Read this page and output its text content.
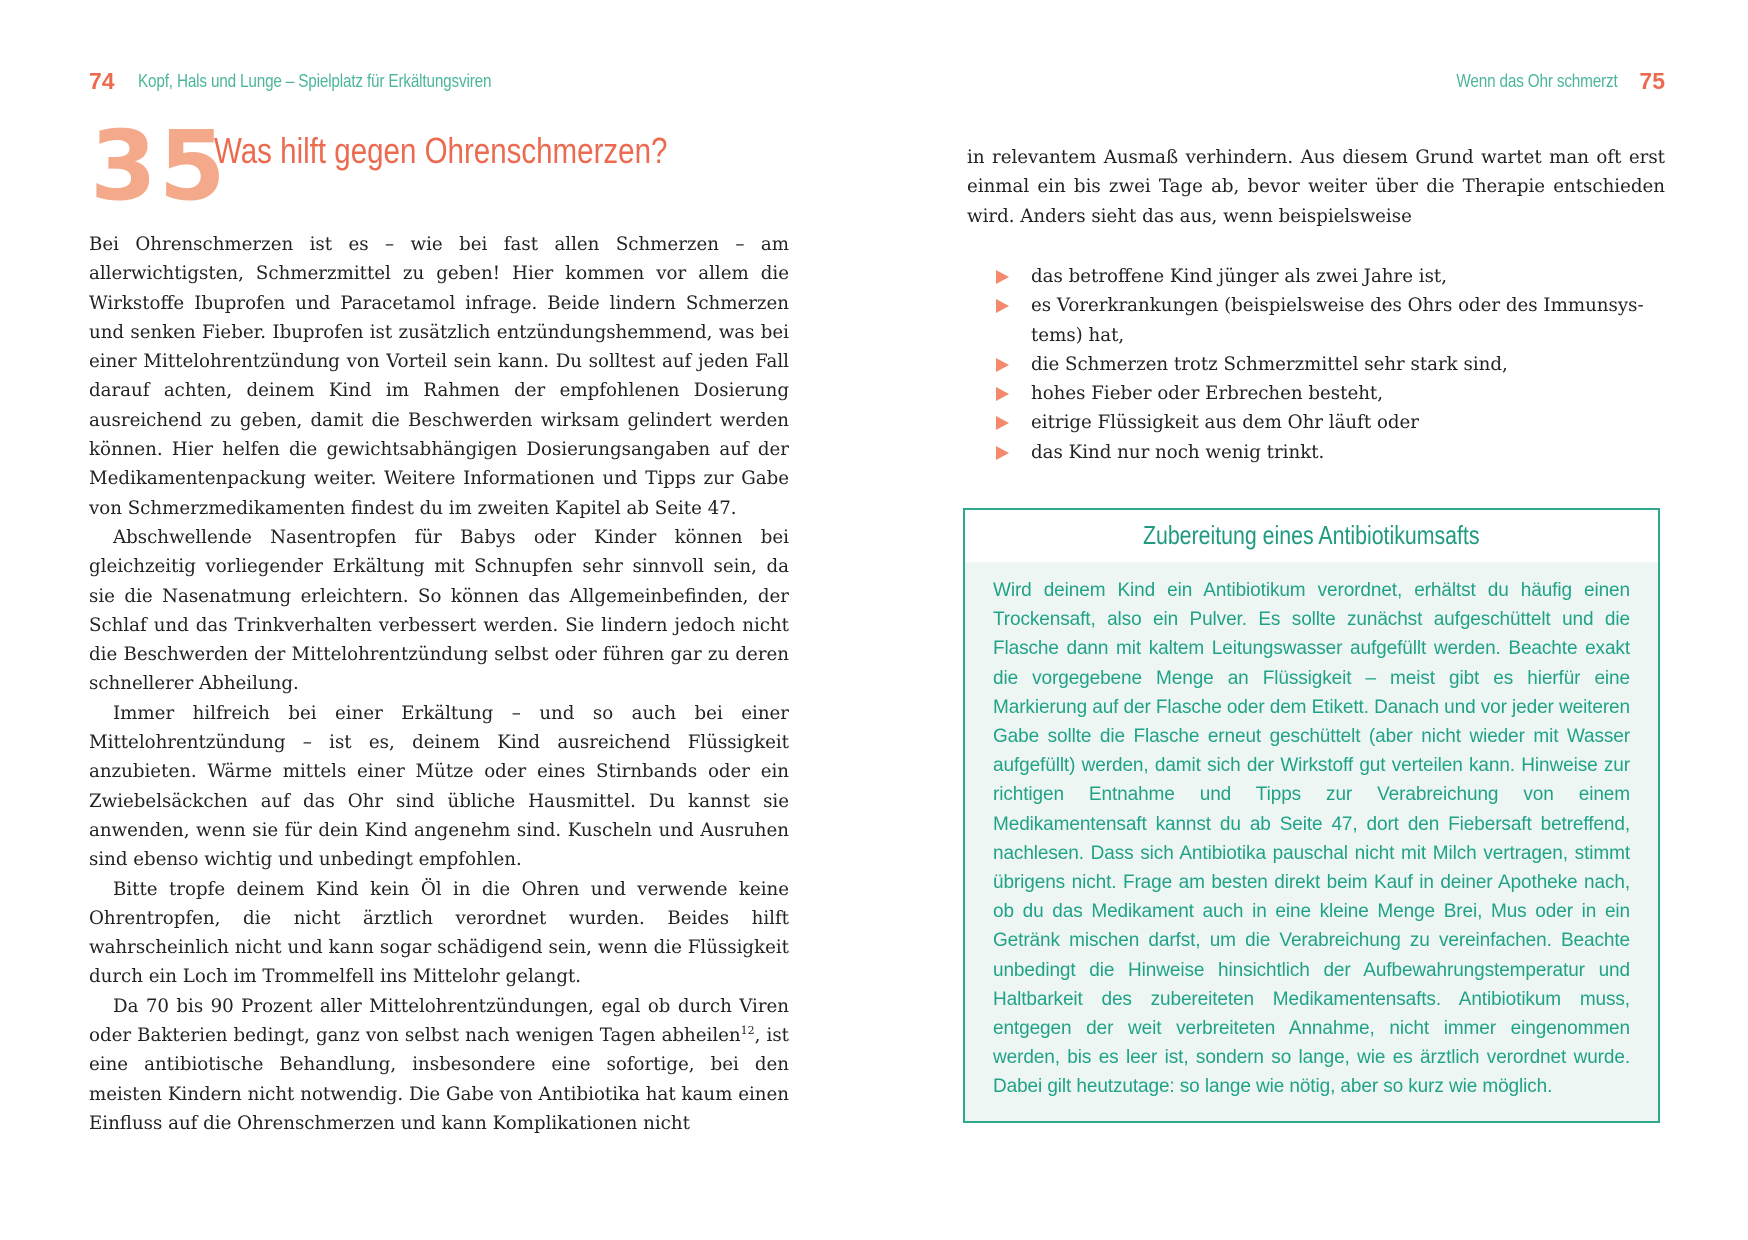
74 Kopf, Hals und Lunge – Spielplatz für Erkältungsviren
35
Was hilft gegen Ohrenschmerzen?

Bei Ohrenschmerzen ist es – wie bei fast allen Schmerzen – am allerwichtigsten, Schmerzmittel zu geben! Hier kommen vor allem die Wirkstoffe Ibuprofen und Paracetamol infrage. Beide lindern Schmerzen und senken Fieber. Ibuprofen ist zusätzlich entzündungshemmend, was bei einer Mittelohrentzündung von Vorteil sein kann. Du solltest auf jeden Fall darauf achten, deinem Kind im Rahmen der empfohlenen Dosierung ausreichend zu geben, damit die Beschwerden wirksam gelindert werden können. Hier helfen die gewichtsabhängigen Dosierungsangaben auf der Medikamentenpackung weiter. Weitere Informationen und Tipps zur Gabe von Schmerzmedikamenten findest du im zweiten Kapitel ab Seite 47.

Abschwellende Nasentropfen für Babys oder Kinder können bei gleichzeitig vorliegender Erkältung mit Schnupfen sehr sinnvoll sein, da sie die Nasenatmung erleichtern. So können das Allgemeinbefinden, der Schlaf und das Trinkverhalten verbessert werden. Sie lindern jedoch nicht die Beschwerden der Mittelohrentzündung selbst oder führen gar zu deren schnellerer Abheilung.

Immer hilfreich bei einer Erkältung – und so auch bei einer Mittelohrentzündung – ist es, deinem Kind ausreichend Flüssigkeit anzubieten. Wärme mittels einer Mütze oder eines Stirnbands oder ein Zwiebelsäckchen auf das Ohr sind übliche Hausmittel. Du kannst sie anwenden, wenn sie für dein Kind angenehm sind. Kuscheln und Ausruhen sind ebenso wichtig und unbedingt empfohlen.

Bitte tropfe deinem Kind kein Öl in die Ohren und verwende keine Ohrentropfen, die nicht ärztlich verordnet wurden. Beides hilft wahrscheinlich nicht und kann sogar schädigend sein, wenn die Flüssigkeit durch ein Loch im Trommelfell ins Mittelohr gelangt.

Da 70 bis 90 Prozent aller Mittelohrentzündungen, egal ob durch Viren oder Bakterien bedingt, ganz von selbst nach wenigen Tagen abheilen$^{12}$, ist eine antibiotische Behandlung, insbesondere eine sofortige, bei den meisten Kindern nicht notwendig. Die Gabe von Antibiotika hat kaum einen Einfluss auf die Ohrenschmerzen und kann Komplikationen nicht

Wenn das Ohr schmerzt 75

in relevantem Ausmaß verhindern. Aus diesem Grund wartet man oft erst einmal ein bis zwei Tage ab, bevor weiter über die Therapie entschieden wird. Anders sieht das aus, wenn beispielsweise

das betroffene Kind jünger als zwei Jahre ist,
es Vorerkrankungen (beispielsweise des Ohrs oder des Immunsystems) hat,
die Schmerzen trotz Schmerzmittel sehr stark sind,
hohes Fieber oder Erbrechen besteht,
eitrige Flüssigkeit aus dem Ohr läuft oder
das Kind nur noch wenig trinkt.
Zubereitung eines Antibiotikumsafts

Wird deinem Kind ein Antibiotikum verordnet, erhältst du häufig einen Trockensaft, also ein Pulver. Es sollte zunächst aufgeschüttelt und die Flasche dann mit kaltem Leitungswasser aufgefüllt werden. Beachte exakt die vorgegebene Menge an Flüssigkeit – meist gibt es hierfür eine Markierung auf der Flasche oder dem Etikett. Danach und vor jeder weiteren Gabe sollte die Flasche erneut geschüttelt (aber nicht wieder mit Wasser aufgefüllt) werden, damit sich der Wirkstoff gut verteilen kann. Hinweise zur richtigen Entnahme und Tipps zur Verabreichung von einem Medikamentensaft kannst du ab Seite 47, dort den Fiebersaft betreffend, nachlesen. Dass sich Antibiotika pauschal nicht mit Milch vertragen, stimmt übrigens nicht. Frage am besten direkt beim Kauf in deiner Apotheke nach, ob du das Medikament auch in eine kleine Menge Brei, Mus oder in ein Getränk mischen darfst, um die Verabreichung zu vereinfachen. Beachte unbedingt die Hinweise hinsichtlich der Aufbewahrungstemperatur und Haltbarkeit des zubereiteten Medikamentensafts. Antibiotikum muss, entgegen der weit verbreiteten Annahme, nicht immer eingenommen werden, bis es leer ist, sondern so lange, wie es ärztlich verordnet wurde. Dabei gilt heutzutage: so lange wie nötig, aber so kurz wie möglich.
